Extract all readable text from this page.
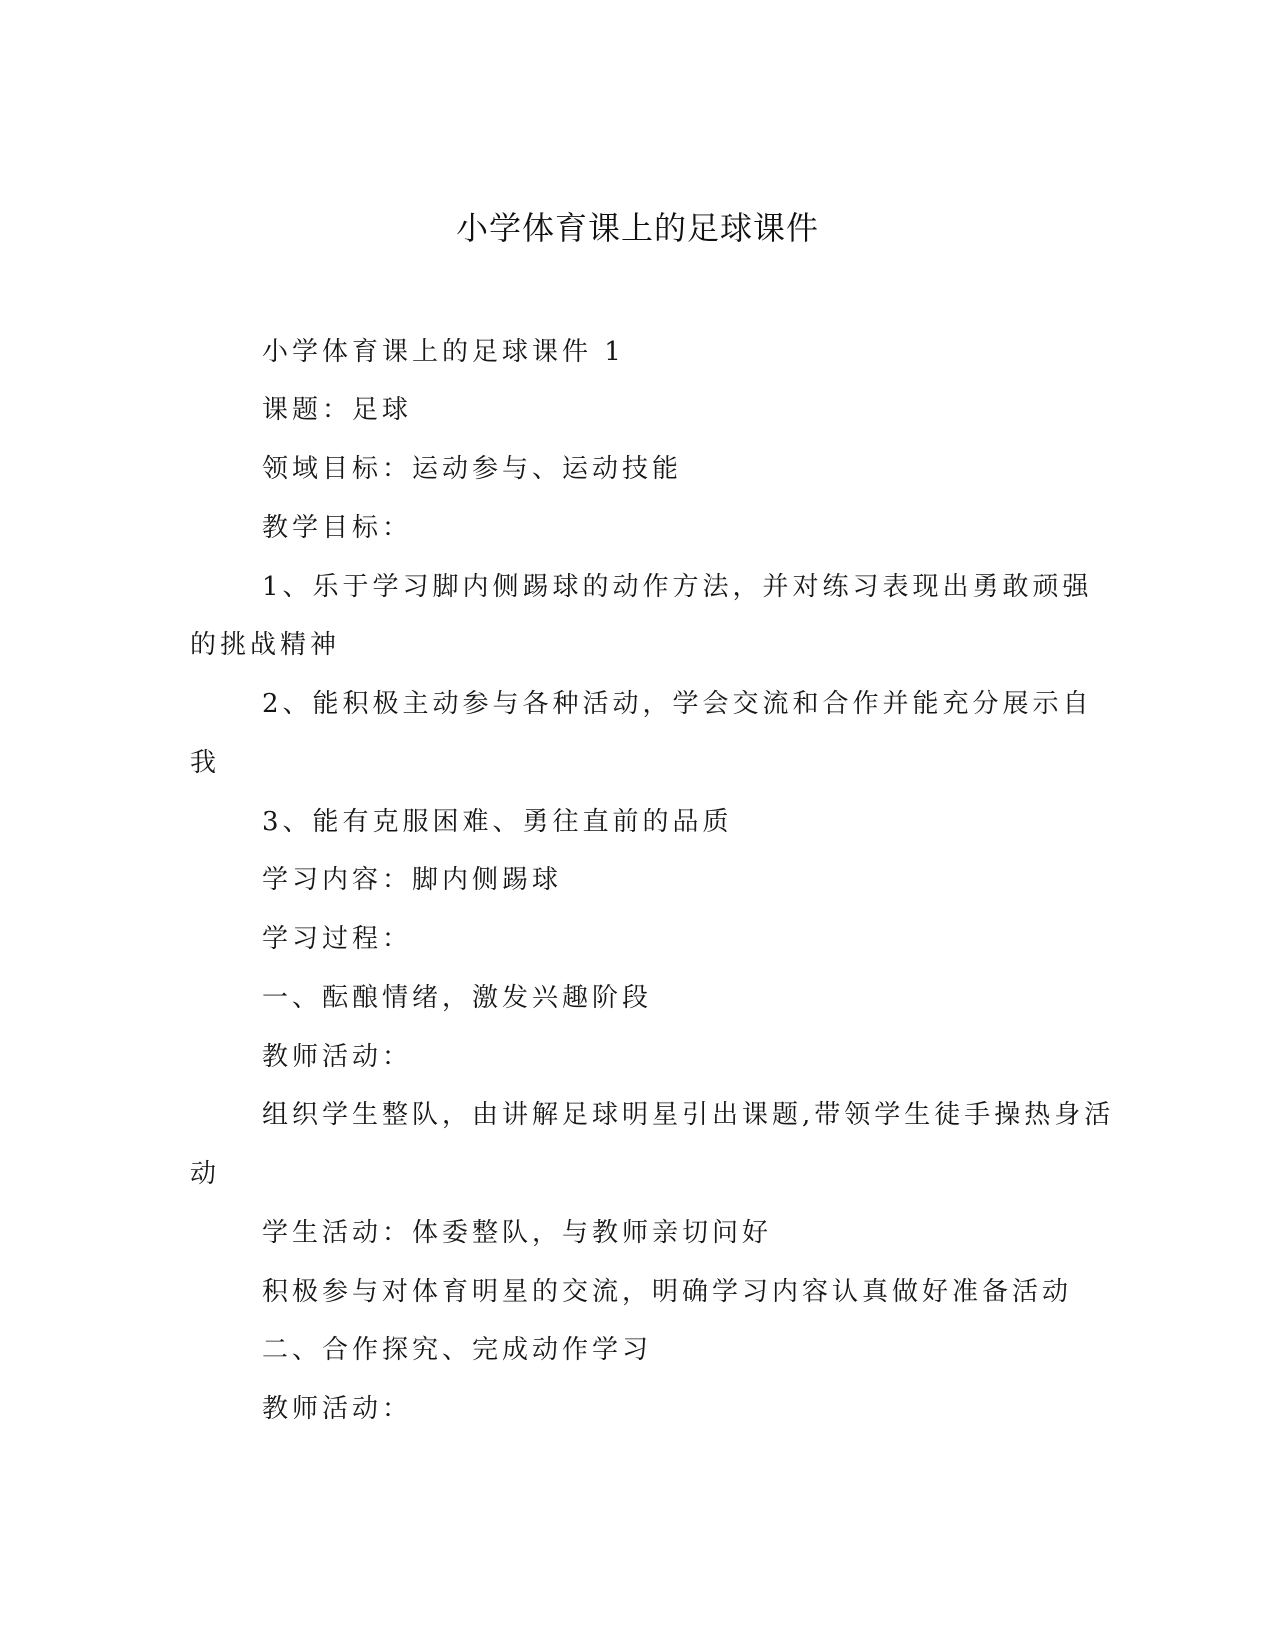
小学体育课上的足球课件
小学体育课上的足球课件 1
课题：足球
领域目标：运动参与、运动技能
教学目标：
1、乐于学习脚内侧踢球的动作方法，并对练习表现出勇敢顽强
的挑战精神
2、能积极主动参与各种活动，学会交流和合作并能充分展示自
我
3、能有克服困难、勇往直前的品质
学习内容：脚内侧踢球
学习过程：
一、酝酿情绪，激发兴趣阶段
教师活动：
组织学生整队，由讲解足球明星引出课题,带领学生徒手操热身活
动
学生活动：体委整队，与教师亲切问好
积极参与对体育明星的交流，明确学习内容认真做好准备活动
二、合作探究、完成动作学习
教师活动：
